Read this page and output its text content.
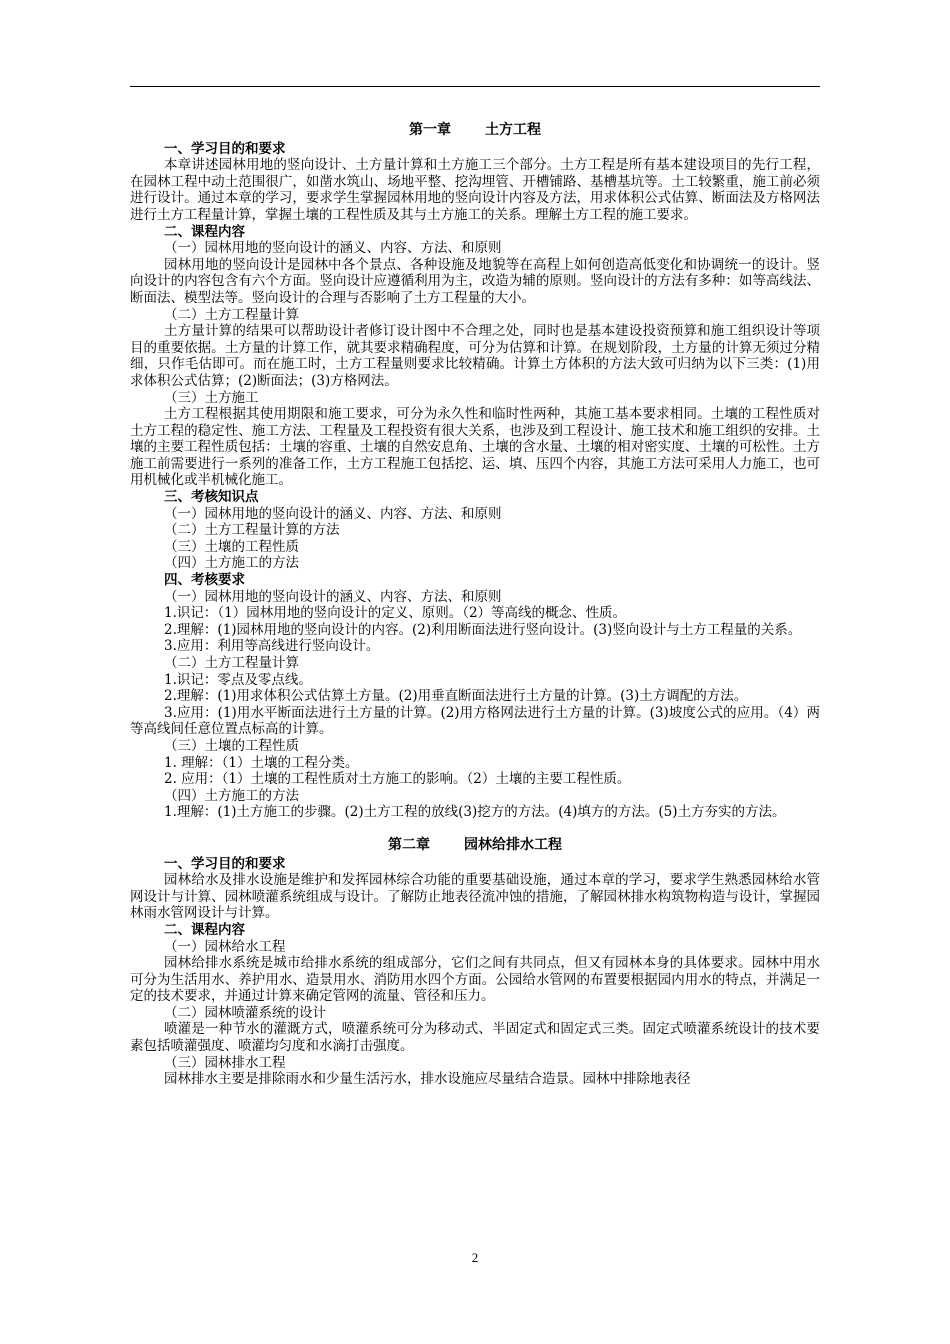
第一章 土方工程
一、学习目的和要求

本章讲述园林用地的竖向设计、土方量计算和土方施工三个部分。土方工程是所有基本建设项目的先行工程，在园林工程中动土范围很广，如凿水筑山、场地平整、挖沟埋管、开槽铺路、基槽基坑等。土工较繁重，施工前必须进行设计。通过本章的学习，要求学生掌握园林用地的竖向设计内容及方法，用求体积公式估算、断面法及方格网法进行土方工程量计算，掌握土壤的工程性质及其与土方施工的关系。理解土方工程的施工要求。

二、课程内容
（一）园林用地的竖向设计的涵义、内容、方法、和原则

园林用地的竖向设计是园林中各个景点、各种设施及地貌等在高程上如何创造高低变化和协调统一的设计。竖向设计的内容包含有六个方面。竖向设计应遵循利用为主，改造为辅的原则。竖向设计的方法有多种：如等高线法、断面法、模型法等。竖向设计的合理与否影响了土方工程量的大小。

（二）土方工程量计算

土方量计算的结果可以帮助设计者修订设计图中不合理之处，同时也是基本建设投资预算和施工组织设计等项目的重要依据。土方量的计算工作，就其要求精确程度，可分为估算和计算。在规划阶段，土方量的计算无须过分精细，只作毛估即可。而在施工时，土方工程量则要求比较精确。计算土方体积的方法大致可归纳为以下三类：(1)用求体积公式估算；(2)断面法；(3)方格网法。

（三）土方施工

土方工程根据其使用期限和施工要求，可分为永久性和临时性两种，其施工基本要求相同。土壤的工程性质对土方工程的稳定性、施工方法、工程量及工程投资有很大关系，也涉及到工程设计、施工技术和施工组织的安排。土壤的主要工程性质包括：土壤的容重、土壤的自然安息角、土壤的含水量、土壤的相对密实度、土壤的可松性。土方施工前需要进行一系列的准备工作，土方工程施工包括挖、运、填、压四个内容，其施工方法可采用人力施工，也可用机械化或半机械化施工。

三、考核知识点
（一）园林用地的竖向设计的涵义、内容、方法、和原则
（二）土方工程量计算的方法
（三）土壤的工程性质
（四）土方施工的方法
四、考核要求
（一）园林用地的竖向设计的涵义、内容、方法、和原则

1.识记：（1）园林用地的竖向设计的定义、原则。（2）等高线的概念、性质。

2.理解：(1)园林用地的竖向设计的内容。(2)利用断面法进行竖向设计。(3)竖向设计与土方工程量的关系。

3.应用：利用等高线进行竖向设计。

（二）土方工程量计算

1.识记：零点及零点线。

2.理解：(1)用求体积公式估算土方量。(2)用垂直断面法进行土方量的计算。(3)土方调配的方法。

3.应用：(1)用水平断面法进行土方量的计算。(2)用方格网法进行土方量的计算。(3)坡度公式的应用。（4）两等高线间任意位置点标高的计算。

（三）土壤的工程性质

1. 理解：（1）土壤的工程分类。

2. 应用：（1）土壤的工程性质对土方施工的影响。（2）土壤的主要工程性质。

（四）土方施工的方法

1.理解：(1)土方施工的步骤。(2)土方工程的放线(3)挖方的方法。(4)填方的方法。(5)土方夯实的方法。

第二章 园林给排水工程
一、学习目的和要求

园林给水及排水设施是维护和发挥园林综合功能的重要基础设施，通过本章的学习，要求学生熟悉园林给水管网设计与计算、园林喷灌系统组成与设计。了解防止地表径流冲蚀的措施，了解园林排水构筑物构造与设计，掌握园林雨水管网设计与计算。

二、课程内容
（一）园林给水工程

园林给排水系统是城市给排水系统的组成部分，它们之间有共同点，但又有园林本身的具体要求。园林中用水可分为生活用水、养护用水、造景用水、消防用水四个方面。公园给水管网的布置要根据园内用水的特点，并满足一定的技术要求，并通过计算来确定管网的流量、管径和压力。

（二）园林喷灌系统的设计

喷灌是一种节水的灌溉方式，喷灌系统可分为移动式、半固定式和固定式三类。固定式喷灌系统设计的技术要素包括喷灌强度、喷灌均匀度和水滴打击强度。

（三）园林排水工程

园林排水主要是排除雨水和少量生活污水，排水设施应尽量结合造景。园林中排除地表径

2
